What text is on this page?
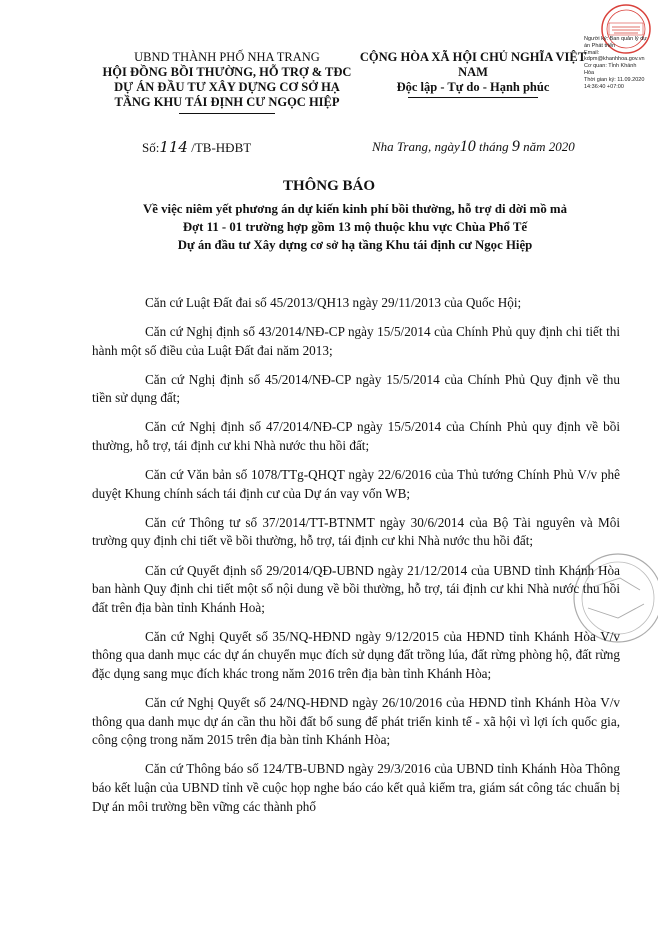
UBND THÀNH PHỐ NHA TRANG
HỘI ĐỒNG BỒI THƯỜNG, HỖ TRỢ & TĐC
DỰ ÁN ĐẦU TƯ XÂY DỰNG CƠ SỞ HẠ
TẦNG KHU TÁI ĐỊNH CƯ NGỌC HIỆP
CỘNG HÒA XÃ HỘI CHỦ NGHĨA VIỆT NAM
Độc lập - Tự do - Hạnh phúc
Người ký: Ban quản lý dự
án Phát triển
Email:
kdpm@khanhhoa.gov.vn
Cơ quan: Tỉnh Khánh
Hòa
Thời gian ký: 11.09.2020
14:36:40 +07:00
Số:114 /TB-HĐBT	Nha Trang, ngày10 tháng 9 năm 2020
THÔNG BÁO
Về việc niêm yết phương án dự kiến kinh phí bồi thường, hỗ trợ di dời mồ mả
Đợt 11 - 01 trường hợp gồm 13 mộ thuộc khu vực Chùa Phổ Tế
Dự án đầu tư Xây dựng cơ sở hạ tầng Khu tái định cư Ngọc Hiệp

Căn cứ Luật Đất đai số 45/2013/QH13 ngày 29/11/2013 của Quốc Hội;

Căn cứ Nghị định số 43/2014/NĐ-CP ngày 15/5/2014 của Chính Phủ quy định chi tiết thi hành một số điều của Luật Đất đai năm 2013;

Căn cứ Nghị định số 45/2014/NĐ-CP ngày 15/5/2014 của Chính Phủ Quy định về thu tiền sử dụng đất;

Căn cứ Nghị định số 47/2014/NĐ-CP ngày 15/5/2014 của Chính Phủ quy định về bồi thường, hỗ trợ, tái định cư khi Nhà nước thu hồi đất;

Căn cứ Văn bản số 1078/TTg-QHQT ngày 22/6/2016 của Thủ tướng Chính Phủ V/v phê duyệt Khung chính sách tái định cư của Dự án vay vốn WB;

Căn cứ Thông tư số 37/2014/TT-BTNMT ngày 30/6/2014 của Bộ Tài nguyên và Môi trường quy định chi tiết về bồi thường, hỗ trợ, tái định cư khi Nhà nước thu hồi đất;

Căn cứ Quyết định số 29/2014/QĐ-UBND ngày 21/12/2014 của UBND tỉnh Khánh Hòa ban hành Quy định chi tiết một số nội dung về bồi thường, hỗ trợ, tái định cư khi Nhà nước thu hồi đất trên địa bàn tỉnh Khánh Hoà;

Căn cứ Nghị Quyết số 35/NQ-HĐND ngày 9/12/2015 của HĐND tỉnh Khánh Hòa V/v thông qua danh mục các dự án chuyển mục đích sử dụng đất trồng lúa, đất rừng phòng hộ, đất rừng đặc dụng sang mục đích khác trong năm 2016 trên địa bàn tỉnh Khánh Hòa;

Căn cứ Nghị Quyết số 24/NQ-HĐND ngày 26/10/2016 của HĐND tỉnh Khánh Hòa V/v thông qua danh mục dự án cần thu hồi đất bổ sung để phát triển kinh tế - xã hội vì lợi ích quốc gia, công cộng trong năm 2015 trên địa bàn tỉnh Khánh Hòa;

Căn cứ Thông báo số 124/TB-UBND ngày 29/3/2016 của UBND tỉnh Khánh Hòa Thông báo kết luận của UBND tỉnh về cuộc họp nghe báo cáo kết quả kiểm tra, giám sát công tác chuẩn bị Dự án môi trường bền vững các thành phố
